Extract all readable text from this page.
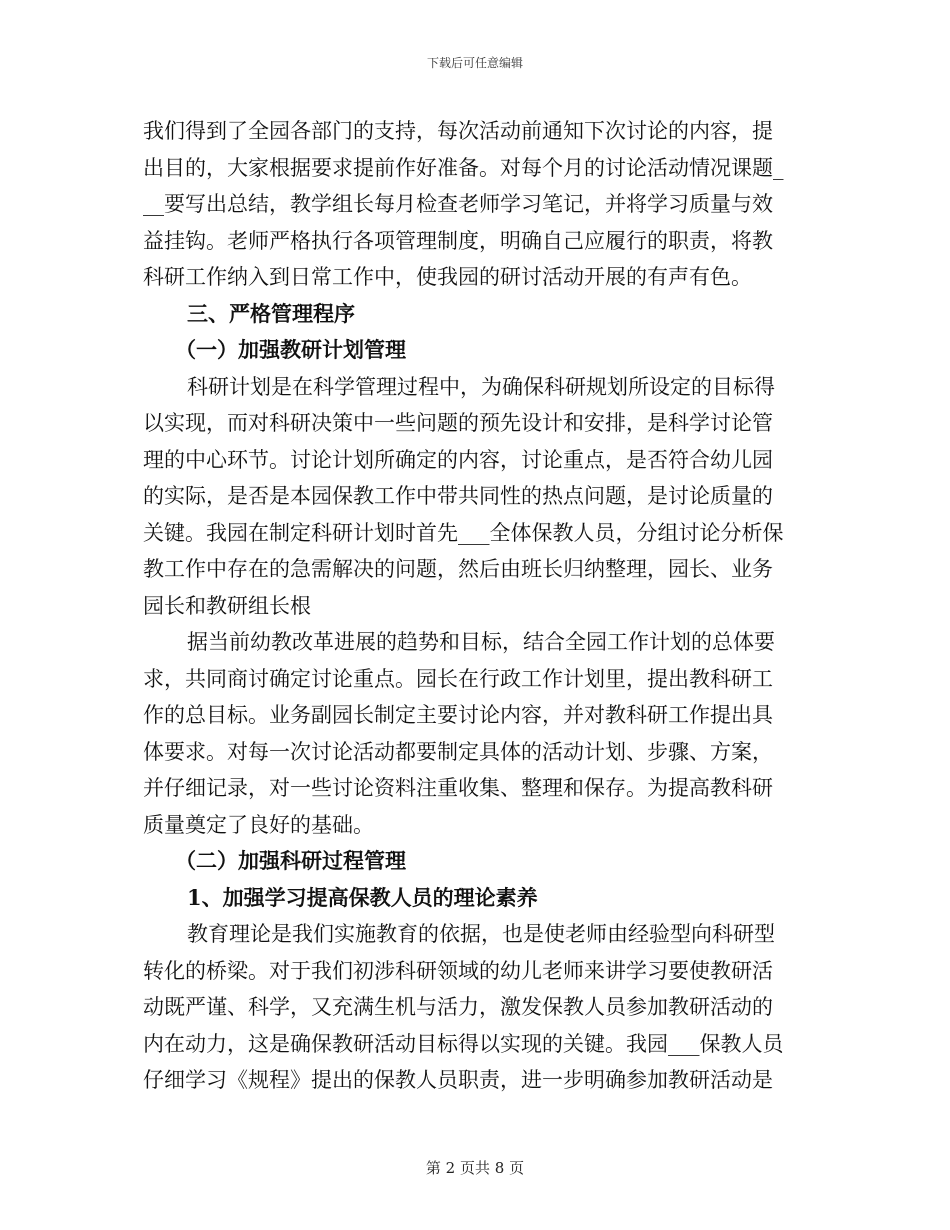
下载后可任意编辑
我们得到了全园各部门的支持，每次活动前通知下次讨论的内容，提
出目的，大家根据要求提前作好准备。对每个月的讨论活动情况课题_
__要写出总结，教学组长每月检查老师学习笔记，并将学习质量与效
益挂钩。老师严格执行各项管理制度，明确自己应履行的职责，将教
科研工作纳入到日常工作中，使我园的研讨活动开展的有声有色。
三、严格管理程序
（一）加强教研计划管理
科研计划是在科学管理过程中，为确保科研规划所设定的目标得
以实现，而对科研决策中一些问题的预先设计和安排，是科学讨论管
理的中心环节。讨论计划所确定的内容，讨论重点，是否符合幼儿园
的实际，是否是本园保教工作中带共同性的热点问题，是讨论质量的
关键。我园在制定科研计划时首先___全体保教人员，分组讨论分析保
教工作中存在的急需解决的问题，然后由班长归纳整理，园长、业务
园长和教研组长根
据当前幼教改革进展的趋势和目标，结合全园工作计划的总体要
求，共同商讨确定讨论重点。园长在行政工作计划里，提出教科研工
作的总目标。业务副园长制定主要讨论内容，并对教科研工作提出具
体要求。对每一次讨论活动都要制定具体的活动计划、步骤、方案，
并仔细记录，对一些讨论资料注重收集、整理和保存。为提高教科研
质量奠定了良好的基础。
（二）加强科研过程管理
1、加强学习提高保教人员的理论素养
教育理论是我们实施教育的依据，也是使老师由经验型向科研型
转化的桥梁。对于我们初涉科研领域的幼儿老师来讲学习要使教研活
动既严谨、科学，又充满生机与活力，激发保教人员参加教研活动的
内在动力，这是确保教研活动目标得以实现的关键。我园___保教人员
仔细学习《规程》提出的保教人员职责，进一步明确参加教研活动是
第 2 页共 8 页
